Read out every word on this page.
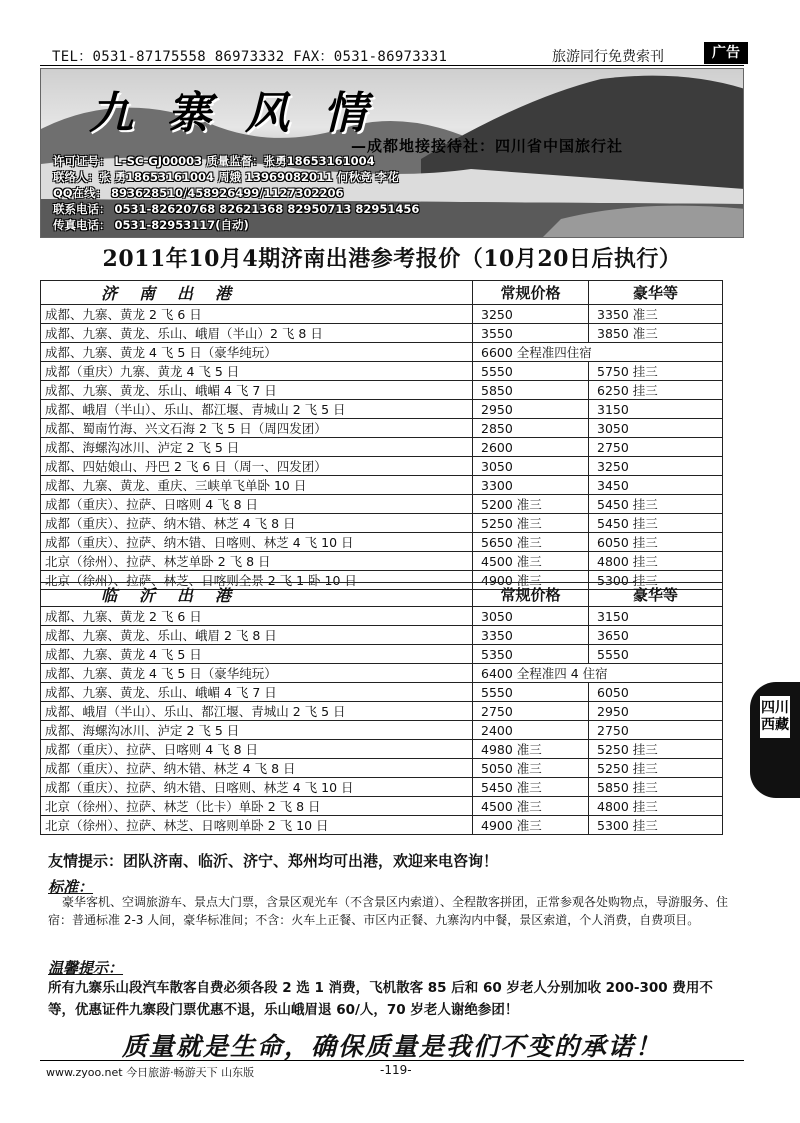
TEL：0531-87175558 86973332 FAX：0531-86973331	旅游同行免费索刊	广告
九寨风情
—成都地接接待社：四川省中国旅行社
许可证号： L-SC-GJ00003 质量监督：张勇18653161004
联络人：张 勇18653161004 周娥 13969082011 何秋竞 李花
QQ在线： 893628510/458926499/1127302206
联系电话： 0531-82620768 82621368 82950713 82951456
传真电话： 0531-82953117(自动)
2011年10月4期济南出港参考报价（10月20日后执行）
济南出港	常规价格	豪华等
成都、九寨、黄龙 2 飞 6 日	3250	3350 准三
成都、九寨、黄龙、乐山、峨眉（半山）2 飞 8 日	3550	3850 准三
成都、九寨、黄龙 4 飞 5 日（豪华纯玩）	6600 全程准四住宿	
成都（重庆）九寨、黄龙 4 飞 5 日	5550	5750 挂三
成都、九寨、黄龙、乐山、峨嵋 4 飞 7 日	5850	6250 挂三
成都、峨眉（半山）、乐山、都江堰、青城山 2 飞 5 日	2950	3150
成都、蜀南竹海、兴文石海 2 飞 5 日（周四发团）	2850	3050
成都、海螺沟冰川、泸定 2 飞 5 日	2600	2750
成都、四姑娘山、丹巴 2 飞 6 日（周一、四发团）	3050	3250
成都、九寨、黄龙、重庆、三峡单飞单卧 10 日	3300	3450
成都（重庆）、拉萨、日喀则 4 飞 8 日	5200 准三	5450 挂三
成都（重庆）、拉萨、纳木错、林芝 4 飞 8 日	5250 准三	5450 挂三
成都（重庆）、拉萨、纳木错、日喀则、林芝 4 飞 10 日	5650 准三	6050 挂三
北京（徐州）、拉萨、林芝单卧 2 飞 8 日	4500 准三	4800 挂三
北京（徐州）、拉萨、林芝、日喀则全景 2 飞 1 卧 10 日	4900 准三	5300 挂三
临沂出港	常规价格	豪华等
成都、九寨、黄龙 2 飞 6 日	3050	3150
成都、九寨、黄龙、乐山、峨眉 2 飞 8 日	3350	3650
成都、九寨、黄龙 4 飞 5 日	5350	5550
成都、九寨、黄龙 4 飞 5 日（豪华纯玩）	6400 全程准四 4 住宿	
成都、九寨、黄龙、乐山、峨嵋 4 飞 7 日	5550	6050
成都、峨眉（半山）、乐山、都江堰、青城山 2 飞 5 日	2750	2950
成都、海螺沟冰川、泸定 2 飞 5 日	2400	2750
成都（重庆）、拉萨、日喀则 4 飞 8 日	4980 准三	5250 挂三
成都（重庆）、拉萨、纳木错、林芝 4 飞 8 日	5050 准三	5250 挂三
成都（重庆）、拉萨、纳木错、日喀则、林芝 4 飞 10 日	5450 准三	5850 挂三
北京（徐州）、拉萨、林芝（比卡）单卧 2 飞 8 日	4500 准三	4800 挂三
北京（徐州）、拉萨、林芝、日喀则单卧 2 飞 10 日	4900 准三	5300 挂三
友情提示：团队济南、临沂、济宁、郑州均可出港，欢迎来电咨询！
标准：
豪华客机、空调旅游车、景点大门票，含景区观光车（不含景区内索道）、全程散客拼团，正常参观各处购物点，导游服务、住宿：普通标准 2-3 人间，豪华标准间；不含：火车上正餐、市区内正餐、九寨沟内中餐，景区索道，个人消费，自费项目。
温馨提示：
所有九寨乐山段汽车散客自费必须各段 2 选 1 消费，飞机散客 85 后和 60 岁老人分别加收 200-300 费用不等，优惠证件九寨段门票优惠不退，乐山峨眉退 60/人，70 岁老人谢绝参团！
质量就是生命，确保质量是我们不变的承诺！
www.zyoo.net 今日旅游·畅游天下 山东版	-119-
四川西藏
